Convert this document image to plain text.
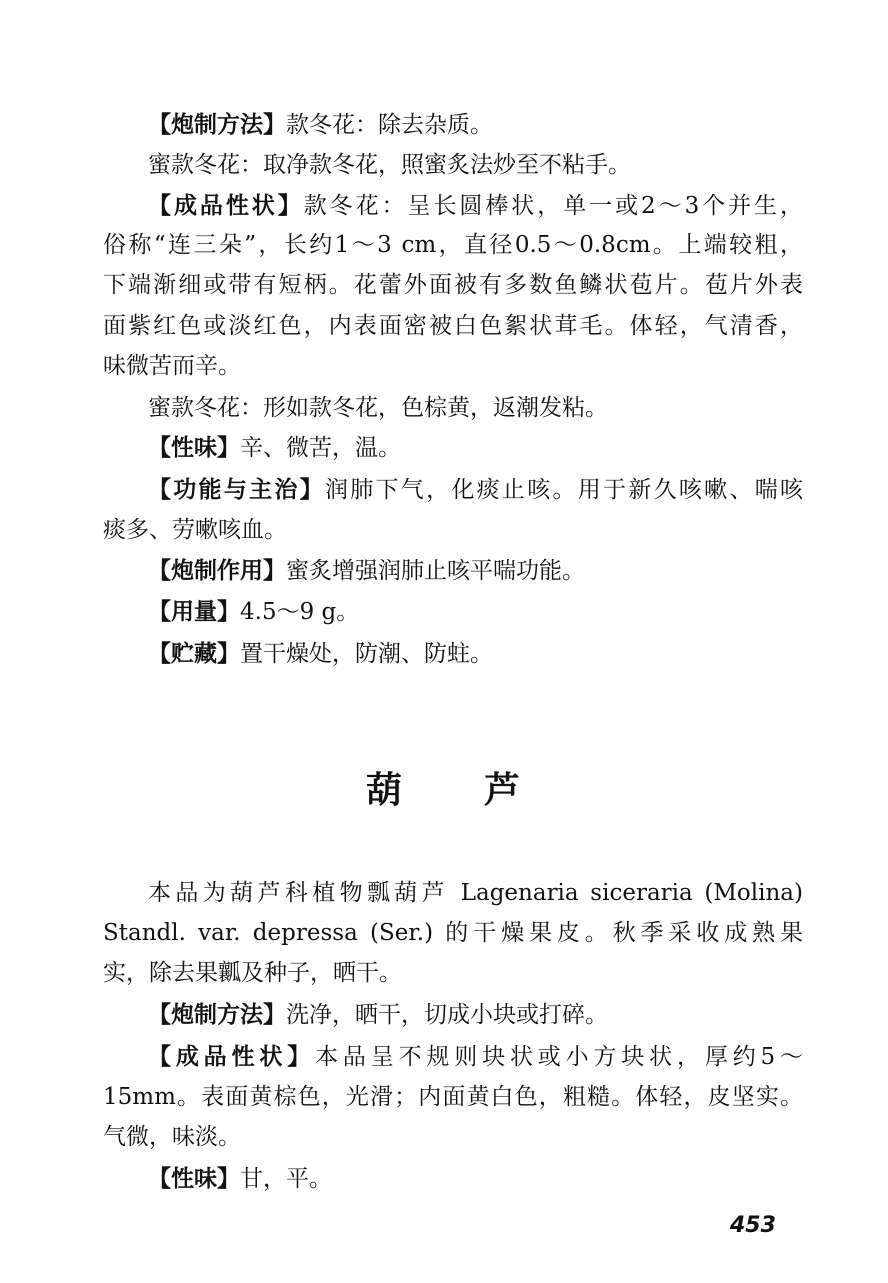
【炮制方法】款冬花：除去杂质。

蜜款冬花：取净款冬花，照蜜炙法炒至不粘手。

【成品性状】款冬花：呈长圆棒状，单一或2～3个并生，

俗称“连三朵”，长约1～3 cm，直径0.5～0.8cm。上端较粗，

下端渐细或带有短柄。花蕾外面被有多数鱼鳞状苞片。苞片外表

面紫红色或淡红色，内表面密被白色絮状茸毛。体轻，气清香，

味微苦而辛。

蜜款冬花：形如款冬花，色棕黄，返潮发粘。

【性味】辛、微苦，温。

【功能与主治】润肺下气，化痰止咳。用于新久咳嗽、喘咳

痰多、劳嗽咳血。

【炮制作用】蜜炙增强润肺止咳平喘功能。

【用量】4.5～9 g。

【贮藏】置干燥处，防潮、防蛀。

葫 芦

本品为葫芦科植物瓢葫芦 Lagenaria siceraria (Molina)

Standl. var. depressa (Ser.) 的干燥果皮。秋季采收成熟果

实，除去果瓤及种子，晒干。

【炮制方法】洗净，晒干，切成小块或打碎。

【成品性状】本品呈不规则块状或小方块状，厚约5～

15mm。表面黄棕色，光滑；内面黄白色，粗糙。体轻，皮坚实。

气微，味淡。

【性味】甘，平。

453
